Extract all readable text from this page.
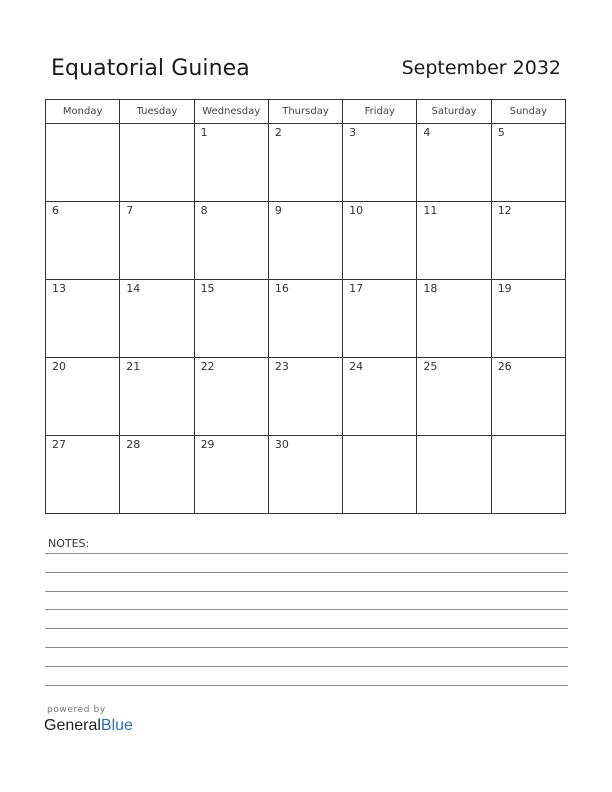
Equatorial Guinea	September 2032
Monday	Tuesday	Wednesday	Thursday	Friday	Saturday	Sunday

		1	2	3	4	5

6	7	8	9	10	11	12

13	14	15	16	17	18	19

20	21	22	23	24	25	26

27	28	29	30			

NOTES:
powered by
GeneralBlue
